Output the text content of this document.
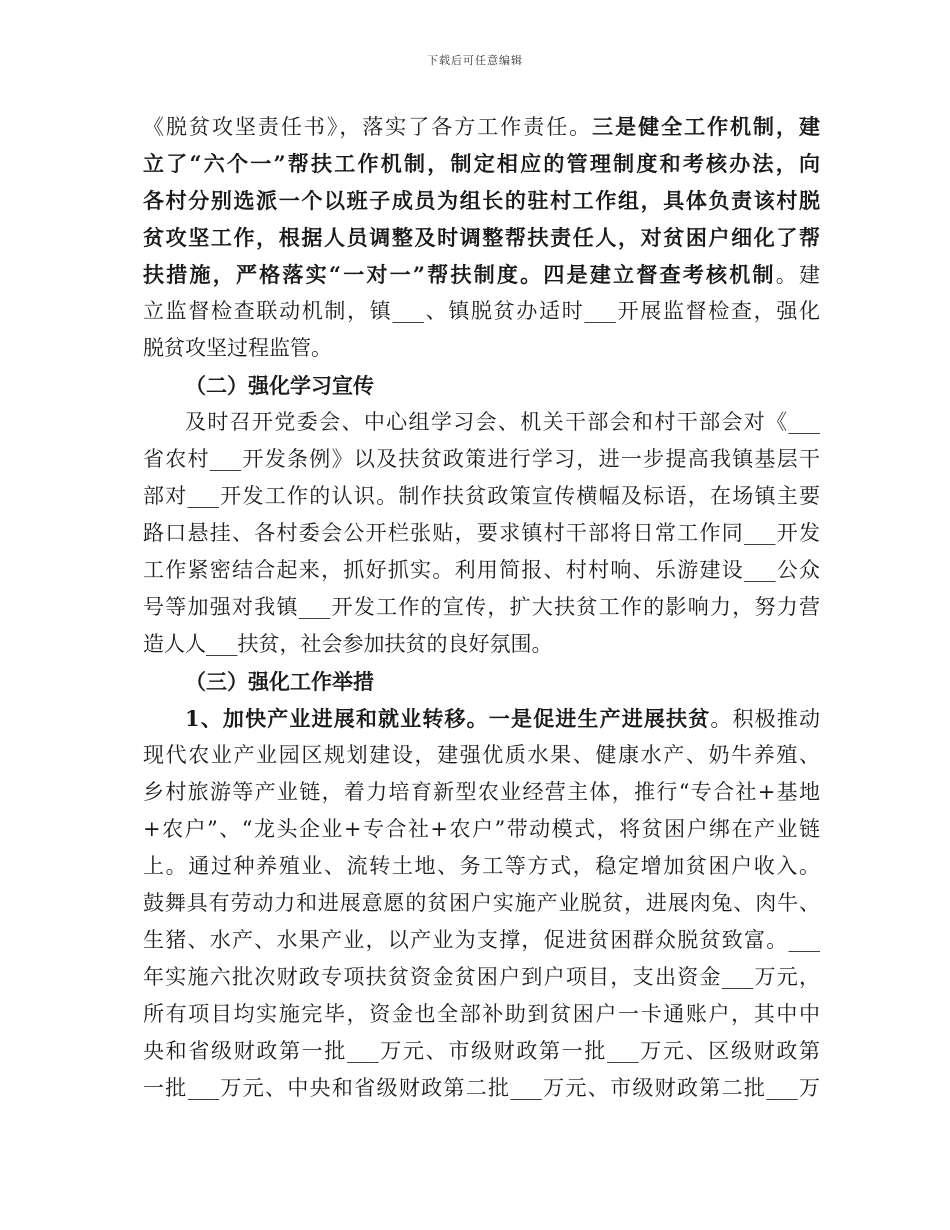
下载后可任意编辑
《脱贫攻坚责任书》，落实了各方工作责任。三是健全工作机制，建
立了“六个一”帮扶工作机制，制定相应的管理制度和考核办法，向
各村分别选派一个以班子成员为组长的驻村工作组，具体负责该村脱
贫攻坚工作，根据人员调整及时调整帮扶责任人，对贫困户细化了帮
扶措施，严格落实“一对一”帮扶制度。四是建立督查考核机制。建
立监督检查联动机制，镇___、镇脱贫办适时___开展监督检查，强化
脱贫攻坚过程监管。
（二）强化学习宣传
及时召开党委会、中心组学习会、机关干部会和村干部会对《___
省农村___开发条例》以及扶贫政策进行学习，进一步提高我镇基层干
部对___开发工作的认识。制作扶贫政策宣传横幅及标语，在场镇主要
路口悬挂、各村委会公开栏张贴，要求镇村干部将日常工作同___开发
工作紧密结合起来，抓好抓实。利用简报、村村响、乐游建设___公众
号等加强对我镇___开发工作的宣传，扩大扶贫工作的影响力，努力营
造人人___扶贫，社会参加扶贫的良好氛围。
（三）强化工作举措
1、加快产业进展和就业转移。一是促进生产进展扶贫。积极推动
现代农业产业园区规划建设，建强优质水果、健康水产、奶牛养殖、
乡村旅游等产业链，着力培育新型农业经营主体，推行“专合社+基地
+农户”、“龙头企业+专合社+农户”带动模式，将贫困户绑在产业链
上。通过种养殖业、流转土地、务工等方式，稳定增加贫困户收入。
鼓舞具有劳动力和进展意愿的贫困户实施产业脱贫，进展肉兔、肉牛、
生猪、水产、水果产业，以产业为支撑，促进贫困群众脱贫致富。___
年实施六批次财政专项扶贫资金贫困户到户项目，支出资金___万元，
所有项目均实施完毕，资金也全部补助到贫困户一卡通账户，其中中
央和省级财政第一批___万元、市级财政第一批___万元、区级财政第
一批___万元、中央和省级财政第二批___万元、市级财政第二批___万
